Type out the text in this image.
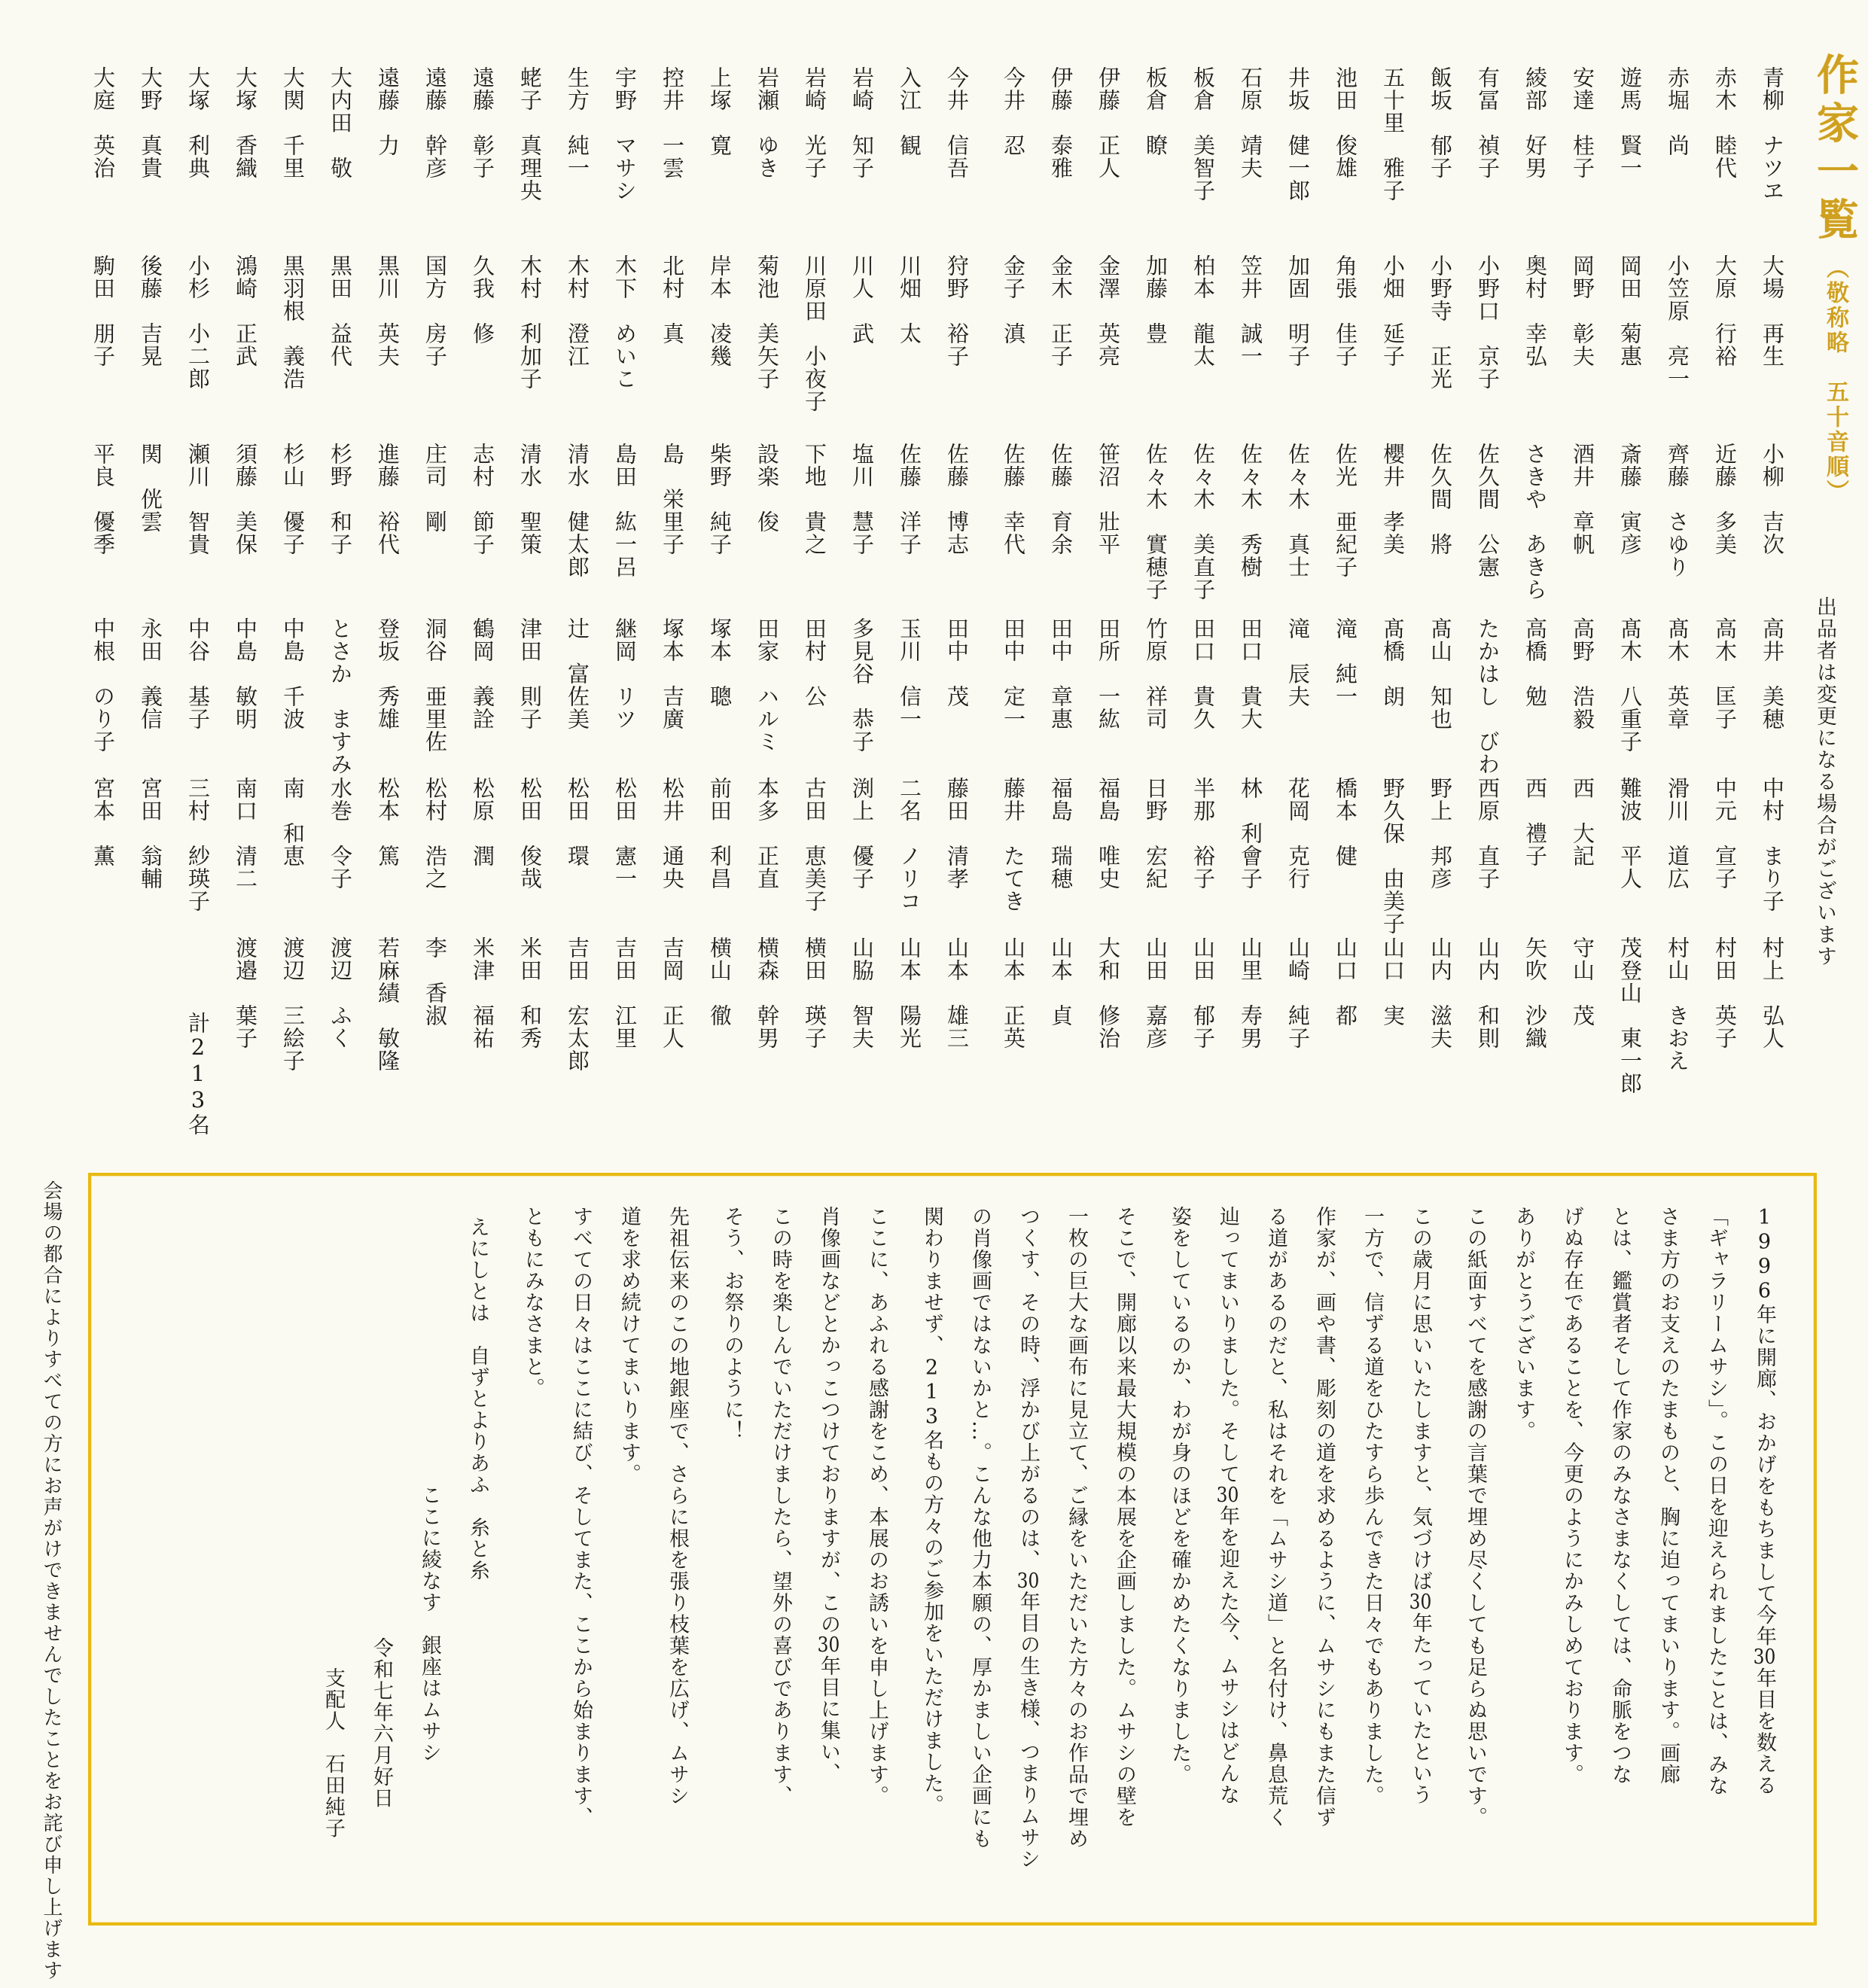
作家一覧（敬称略　五十音順）
出品者は変更になる場合がございます
青柳　ナツヱ
赤木　睦代
赤堀　尚
遊馬　賢一
安達　桂子
綾部　好男
有冨　禎子
飯坂　郁子
五十里　雅子
池田　俊雄
井坂　健一郎
石原　靖夫
板倉　美智子
板倉　瞭
伊藤　正人
伊藤　泰雅
今井　忍
今井　信吾
入江　観
岩崎　知子
岩崎　光子
岩瀬　ゆき
上塚　寛
控井　一雲
宇野　マサシ
生方　純一
蛯子　真理央
遠藤　彰子
遠藤　幹彦
遠藤　力
大内田　敬
大関　千里
大塚　香織
大塚　利典
大野　真貴
大庭　英治
大場　再生
大原　行裕
小笠原　亮一
岡田　菊惠
岡野　彰夫
奥村　幸弘
小野口　京子
小野寺　正光
小畑　延子
角張　佳子
加固　明子
笠井　誠一
柏本　龍太
加藤　豊
金澤　英亮
金木　正子
金子　滇
狩野　裕子
川畑　太
川人　武
川原田　小夜子
菊池　美矢子
岸本　凌幾
北村　真
木下　めいこ
木村　澄江
木村　利加子
久我　修
国方　房子
黒川　英夫
黒田　益代
黒羽根　義浩
鴻崎　正武
小杉　小二郎
後藤　吉晃
駒田　朋子
小柳　吉次
近藤　多美
齊藤　さゆり
斎藤　寅彦
酒井　章帆
さきや　あきら
佐久間　公憲
佐久間　將
櫻井　孝美
佐光　亜紀子
佐々木　真士
佐々木　秀樹
佐々木　美直子
佐々木　實穂子
笹沼　壯平
佐藤　育余
佐藤　幸代
佐藤　博志
佐藤　洋子
塩川　慧子
下地　貴之
設楽　俊
柴野　純子
島　栄里子
島田　紘一呂
清水　健太郎
清水　聖策
志村　節子
庄司　剛
進藤　裕代
杉野　和子
杉山　優子
須藤　美保
瀬川　智貴
関　侊雲
平良　優季
高井　美穂
高木　匡子
髙木　英章
髙木　八重子
高野　浩毅
高橋　勉
たかはし　びわ
髙山　知也
髙橋　朗
滝　純一
滝　辰夫
田口　貴大
田口　貴久
竹原　祥司
田所　一紘
田中　章惠
田中　定一
田中　茂
玉川　信一
多見谷　恭子
田村　公
田家　ハルミ
塚本　聰
塚本　吉廣
継岡　リツ
辻　富佐美
津田　則子
鶴岡　義詮
洞谷　亜里佐
登坂　秀雄
とさか　ますみ
中島　千波
中島　敏明
中谷　基子
永田　義信
中根　のり子
中村　まり子
中元　宣子
滑川　道広
難波　平人
西　大記
西　禮子
西原　直子
野上　邦彦
野久保　由美子
橋本　健
花岡　克行
林　利會子
半那　裕子
日野　宏紀
福島　唯史
福島　瑞穂
藤井　たてき
藤田　清孝
二名　ノリコ
渕上　優子
古田　恵美子
本多　正直
前田　利昌
松井　通央
松田　憲一
松田　環
松田　俊哉
松原　潤
松村　浩之
松本　篤
水巻　令子
南　和恵
南口　清二
三村　紗瑛子
宮田　翁輔
宮本　薫
村上　弘人
村田　英子
村山　きおえ
茂登山　東一郎
守山　茂
矢吹　沙織
山内　和則
山内　滋夫
山口　実
山口　都
山崎　純子
山里　寿男
山田　郁子
山田　嘉彦
大和　修治
山本　貞
山本　正英
山本　雄三
山本　陽光
山脇　智夫
横田　瑛子
横森　幹男
横山　徹
吉岡　正人
吉田　江里
吉田　宏太郎
米田　和秀
米津　福祐
李　香淑
若麻績　敏隆
渡辺　ふく
渡辺　三絵子
渡邉　葉子
計213名
1996年に開廊、おかげをもちまして今年30年目を数える
「ギャラリームサシ」。この日を迎えられましたことは、みな
さま方のお支えのたまものと、胸に迫ってまいります。画廊
とは、鑑賞者そして作家のみなさまなくしては、命脈をつな
げぬ存在であることを、今更のようにかみしめております。
ありがとうございます。
この紙面すべてを感謝の言葉で埋め尽くしても足らぬ思いです。
この歳月に思いいたしますと、気づけば30年たっていたという
一方で、信ずる道をひたすら歩んできた日々でもありました。
作家が、画や書、彫刻の道を求めるように、ムサシにもまた信ず
る道があるのだと、私はそれを「ムサシ道」と名付け、鼻息荒く
辿ってまいりました。そして30年を迎えた今、ムサシはどんな
姿をしているのか、わが身のほどを確かめたくなりました。
そこで、開廊以来最大規模の本展を企画しました。ムサシの壁を
一枚の巨大な画布に見立て、ご縁をいただいた方々のお作品で埋め
つくす、その時、浮かび上がるのは、30年目の生き様、つまりムサシ
の肖像画ではないかと…。こんな他力本願の、厚かましい企画にも
関わりませず、213名もの方々のご参加をいただけました。
ここに、あふれる感謝をこめ、本展のお誘いを申し上げます。
肖像画などとかっこつけておりますが、この30年目に集い、
この時を楽しんでいただけましたら、望外の喜びであります、
そう、お祭りのように！
先祖伝来のこの地銀座で、さらに根を張り枝葉を広げ、ムサシ
道を求め続けてまいります。
すべての日々はここに結び、そしてまた、ここから始まります、
ともにみなさまと。
えにしとは　自ずとよりあふ　糸と糸
ここに綾なす　銀座はムサシ
令和七年六月好日
支配人　石田純子
会場の都合によりすべての方にお声がけできませんでしたことをお詫び申し上げます
